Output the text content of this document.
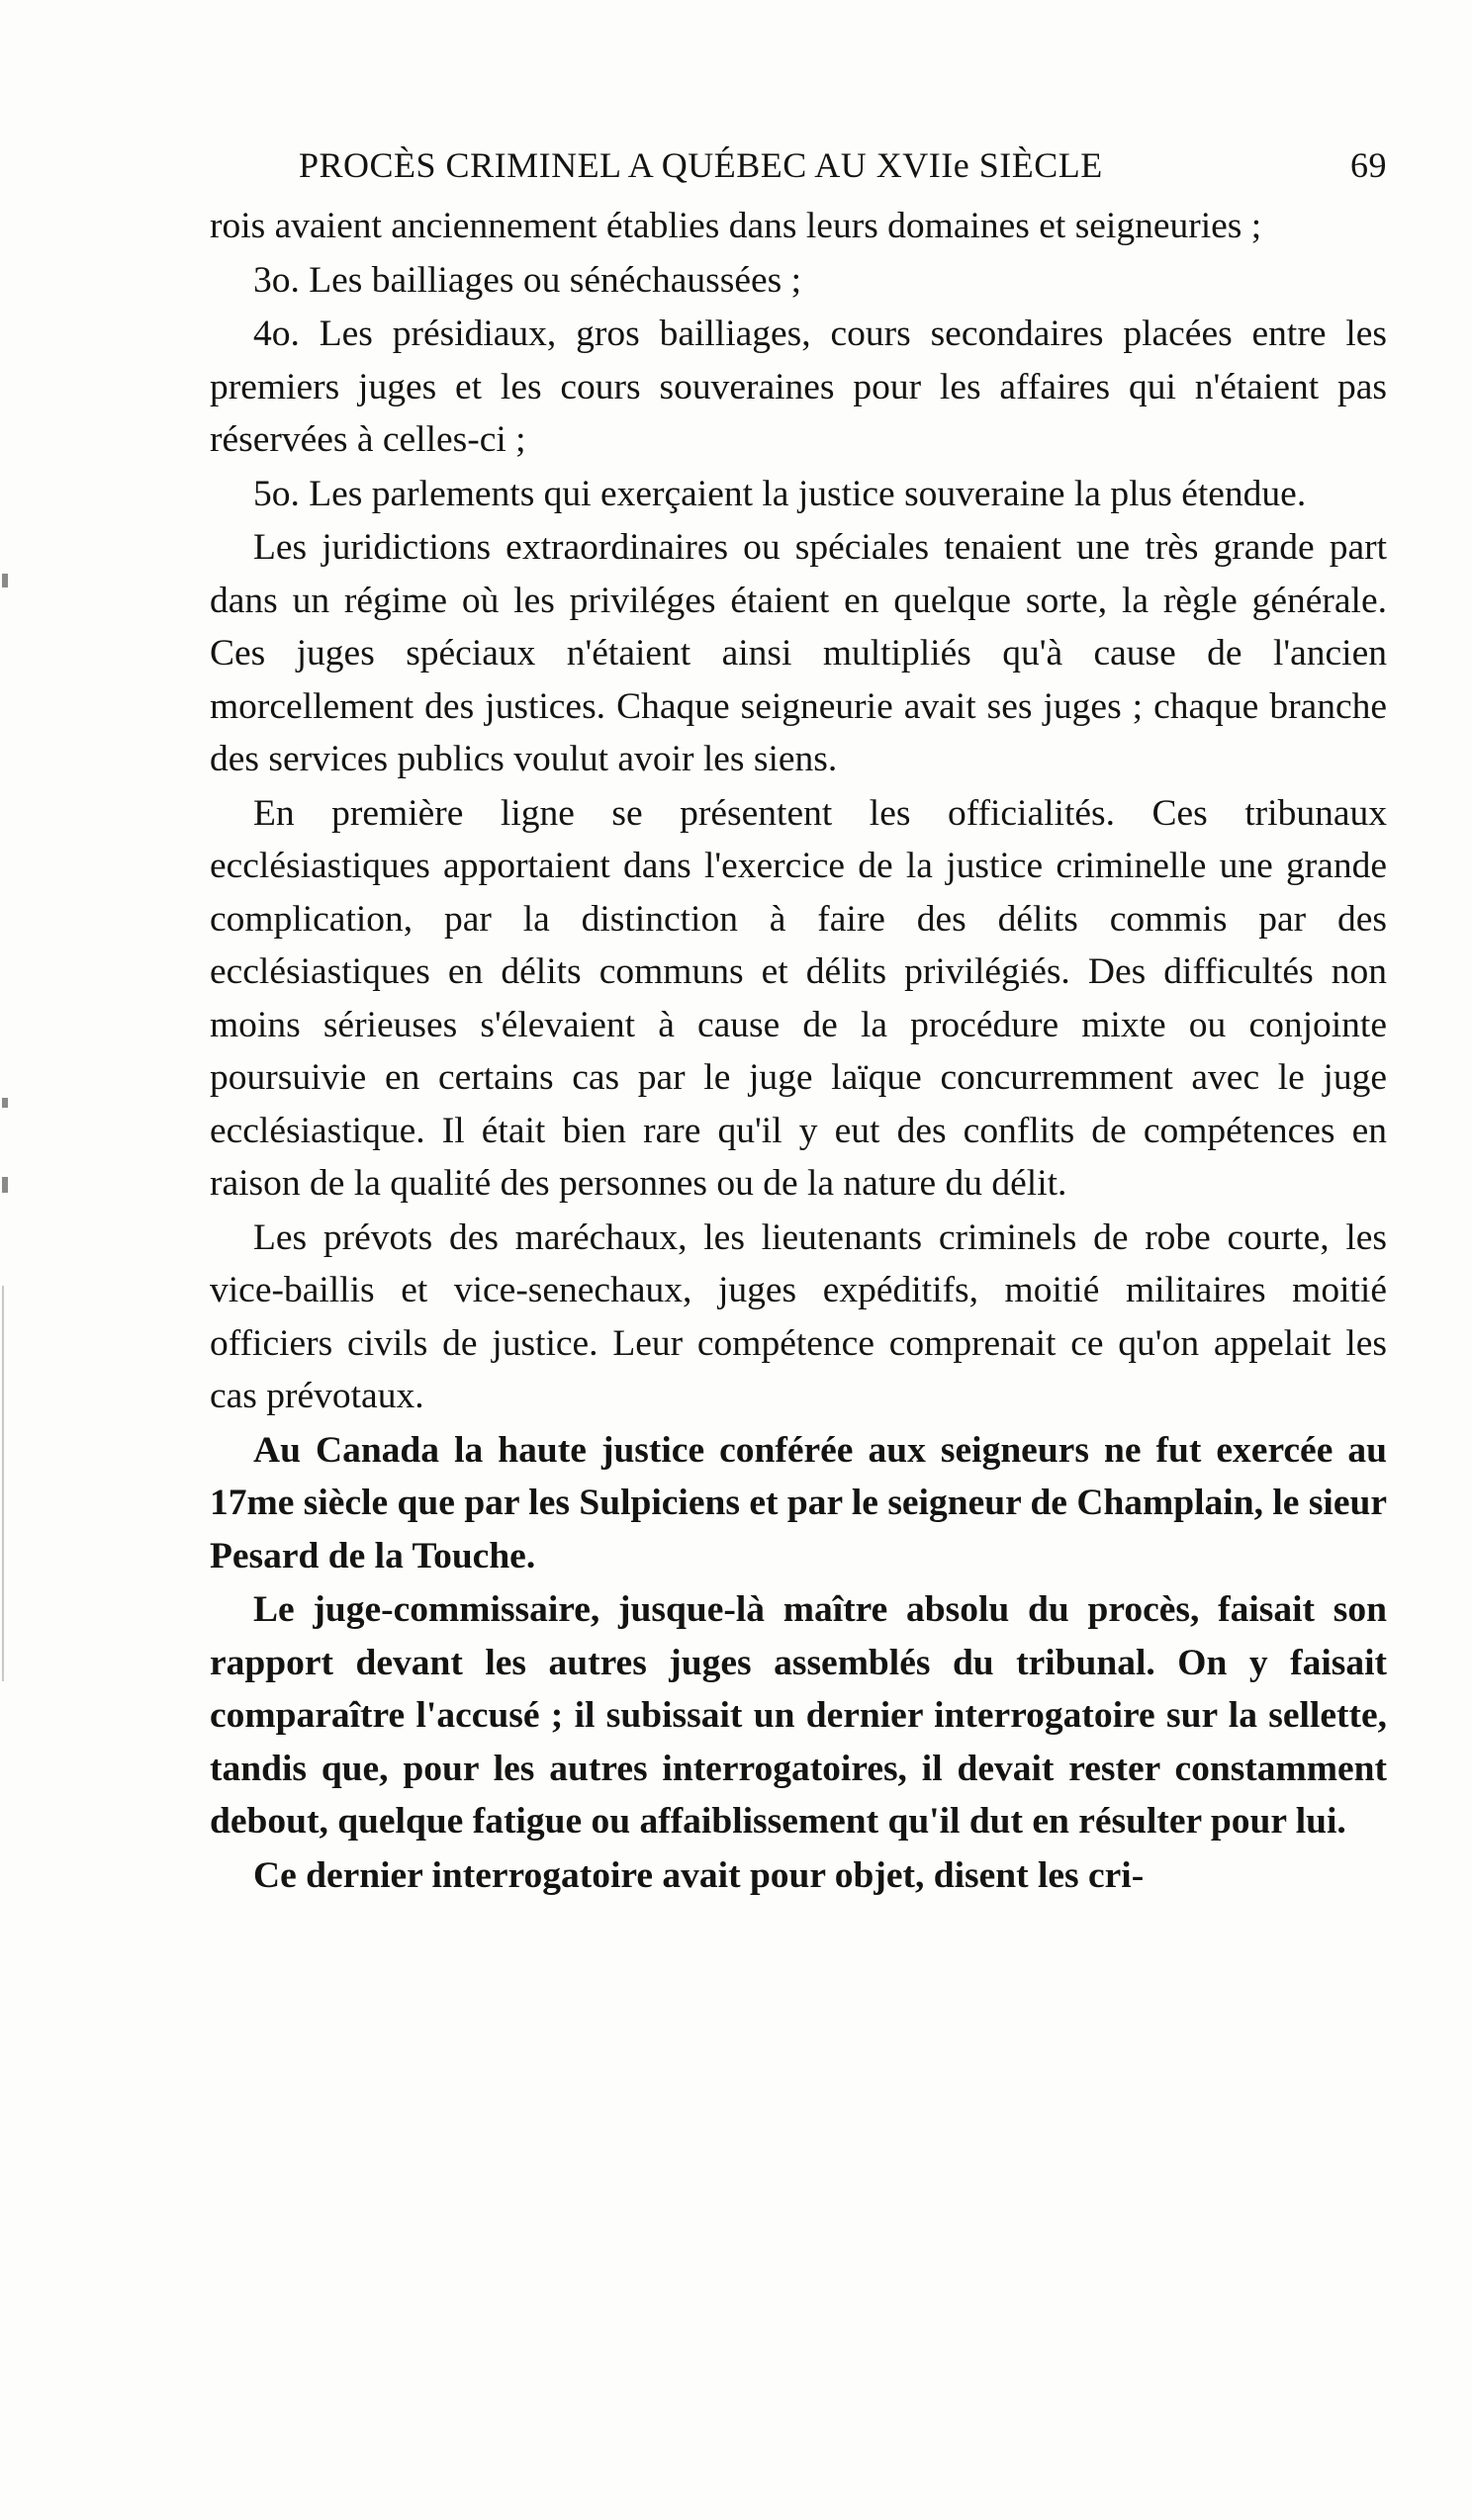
PROCÈS CRIMINEL A QUÉBEC AU XVIIe SIÈCLE	69

rois avaient anciennement établies dans leurs domaines et seigneuries ;

3o. Les bailliages ou sénéchaussées ;

4o. Les présidiaux, gros bailliages, cours secondaires placées entre les premiers juges et les cours souveraines pour les affaires qui n'étaient pas réservées à celles-ci ;

5o. Les parlements qui exerçaient la justice souveraine la plus étendue.

Les juridictions extraordinaires ou spéciales tenaient une très grande part dans un régime où les priviléges étaient en quelque sorte, la règle générale. Ces juges spéciaux n'étaient ainsi multipliés qu'à cause de l'ancien morcellement des justices. Chaque seigneurie avait ses juges ; chaque branche des services publics voulut avoir les siens.

En première ligne se présentent les officialités. Ces tribunaux ecclésiastiques apportaient dans l'exercice de la justice criminelle une grande complication, par la distinction à faire des délits commis par des ecclésiastiques en délits communs et délits privilégiés. Des difficultés non moins sérieuses s'élevaient à cause de la procédure mixte ou conjointe poursuivie en certains cas par le juge laïque concurremment avec le juge ecclésiastique. Il était bien rare qu'il y eut des conflits de compétences en raison de la qualité des personnes ou de la nature du délit.

Les prévots des maréchaux, les lieutenants criminels de robe courte, les vice-baillis et vice-senechaux, juges expéditifs, moitié militaires moitié officiers civils de justice. Leur compétence comprenait ce qu'on appelait les cas prévotaux.

Au Canada la haute justice conférée aux seigneurs ne fut exercée au 17me siècle que par les Sulpiciens et par le seigneur de Champlain, le sieur Pesard de la Touche.

Le juge-commissaire, jusque-là maître absolu du procès, faisait son rapport devant les autres juges assemblés du tribunal. On y faisait comparaître l'accusé ; il subissait un dernier interrogatoire sur la sellette, tandis que, pour les autres interrogatoires, il devait rester constamment debout, quelque fatigue ou affaiblissement qu'il dut en résulter pour lui.

Ce dernier interrogatoire avait pour objet, disent les cri-
